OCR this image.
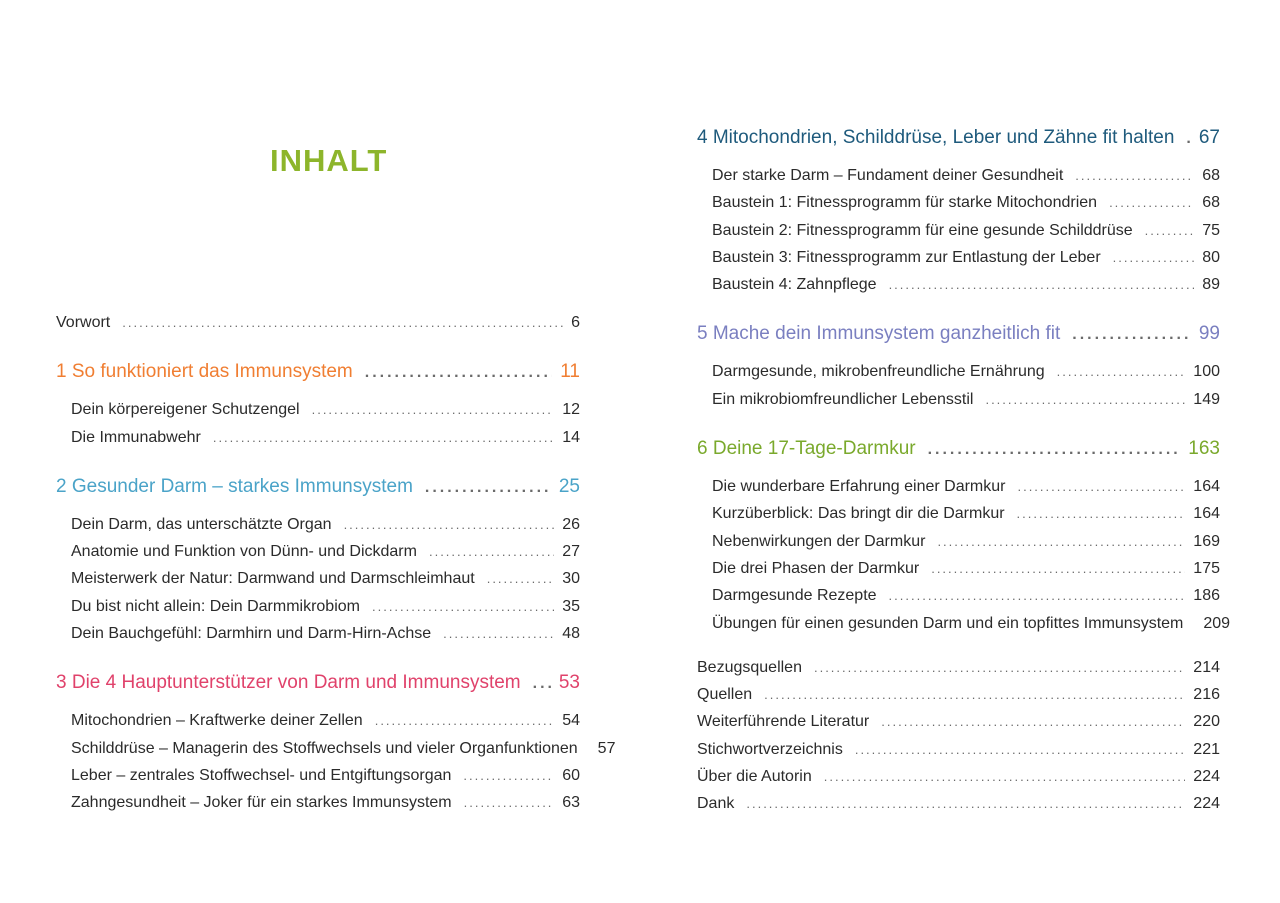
INHALT
Vorwort .....	6
1 So funktioniert das Immunsystem .....	11
Dein körpereigener Schutzengel .....	12
Die Immunabwehr .....	14
2 Gesunder Darm – starkes Immunsystem .....	25
Dein Darm, das unterschätzte Organ .....	26
Anatomie und Funktion von Dünn- und Dickdarm .....	27
Meisterwerk der Natur: Darmwand und Darmschleimhaut .....	30
Du bist nicht allein: Dein Darmmikrobiom .....	35
Dein Bauchgefühl: Darmhirn und Darm-Hirn-Achse .....	48
3 Die 4 Hauptunterstützer von Darm und Immunsystem ..... 53
Mitochondrien – Kraftwerke deiner Zellen .....	54
Schilddrüse – Managerin des Stoffwechsels und vieler Organfunktionen 57
Leber – zentrales Stoffwechsel- und Entgiftungsorgan .....	60
Zahngesundheit – Joker für ein starkes Immunsystem .....	63
4 Mitochondrien, Schilddrüse, Leber und Zähne fit halten ..... 67
Der starke Darm – Fundament deiner Gesundheit .....	68
Baustein 1: Fitnessprogramm für starke Mitochondrien .....	68
Baustein 2: Fitnessprogramm für eine gesunde Schilddrüse .....	75
Baustein 3: Fitnessprogramm zur Entlastung der Leber .....	80
Baustein 4: Zahnpflege .....	89
5 Mache dein Immunsystem ganzheitlich fit .....	99
Darmgesunde, mikrobenfreundliche Ernährung .....	100
Ein mikrobiomfreundlicher Lebensstil .....	149
6 Deine 17-Tage-Darmkur .....	163
Die wunderbare Erfahrung einer Darmkur .....	164
Kurzüberblick: Das bringt dir die Darmkur .....	164
Nebenwirkungen der Darmkur .....	169
Die drei Phasen der Darmkur .....	175
Darmgesunde Rezepte .....	186
Übungen für einen gesunden Darm und ein topfittes Immunsystem 209
Bezugsquellen .....	214
Quellen .....	216
Weiterführende Literatur .....	220
Stichwortverzeichnis .....	221
Über die Autorin .....	224
Dank .....	224
